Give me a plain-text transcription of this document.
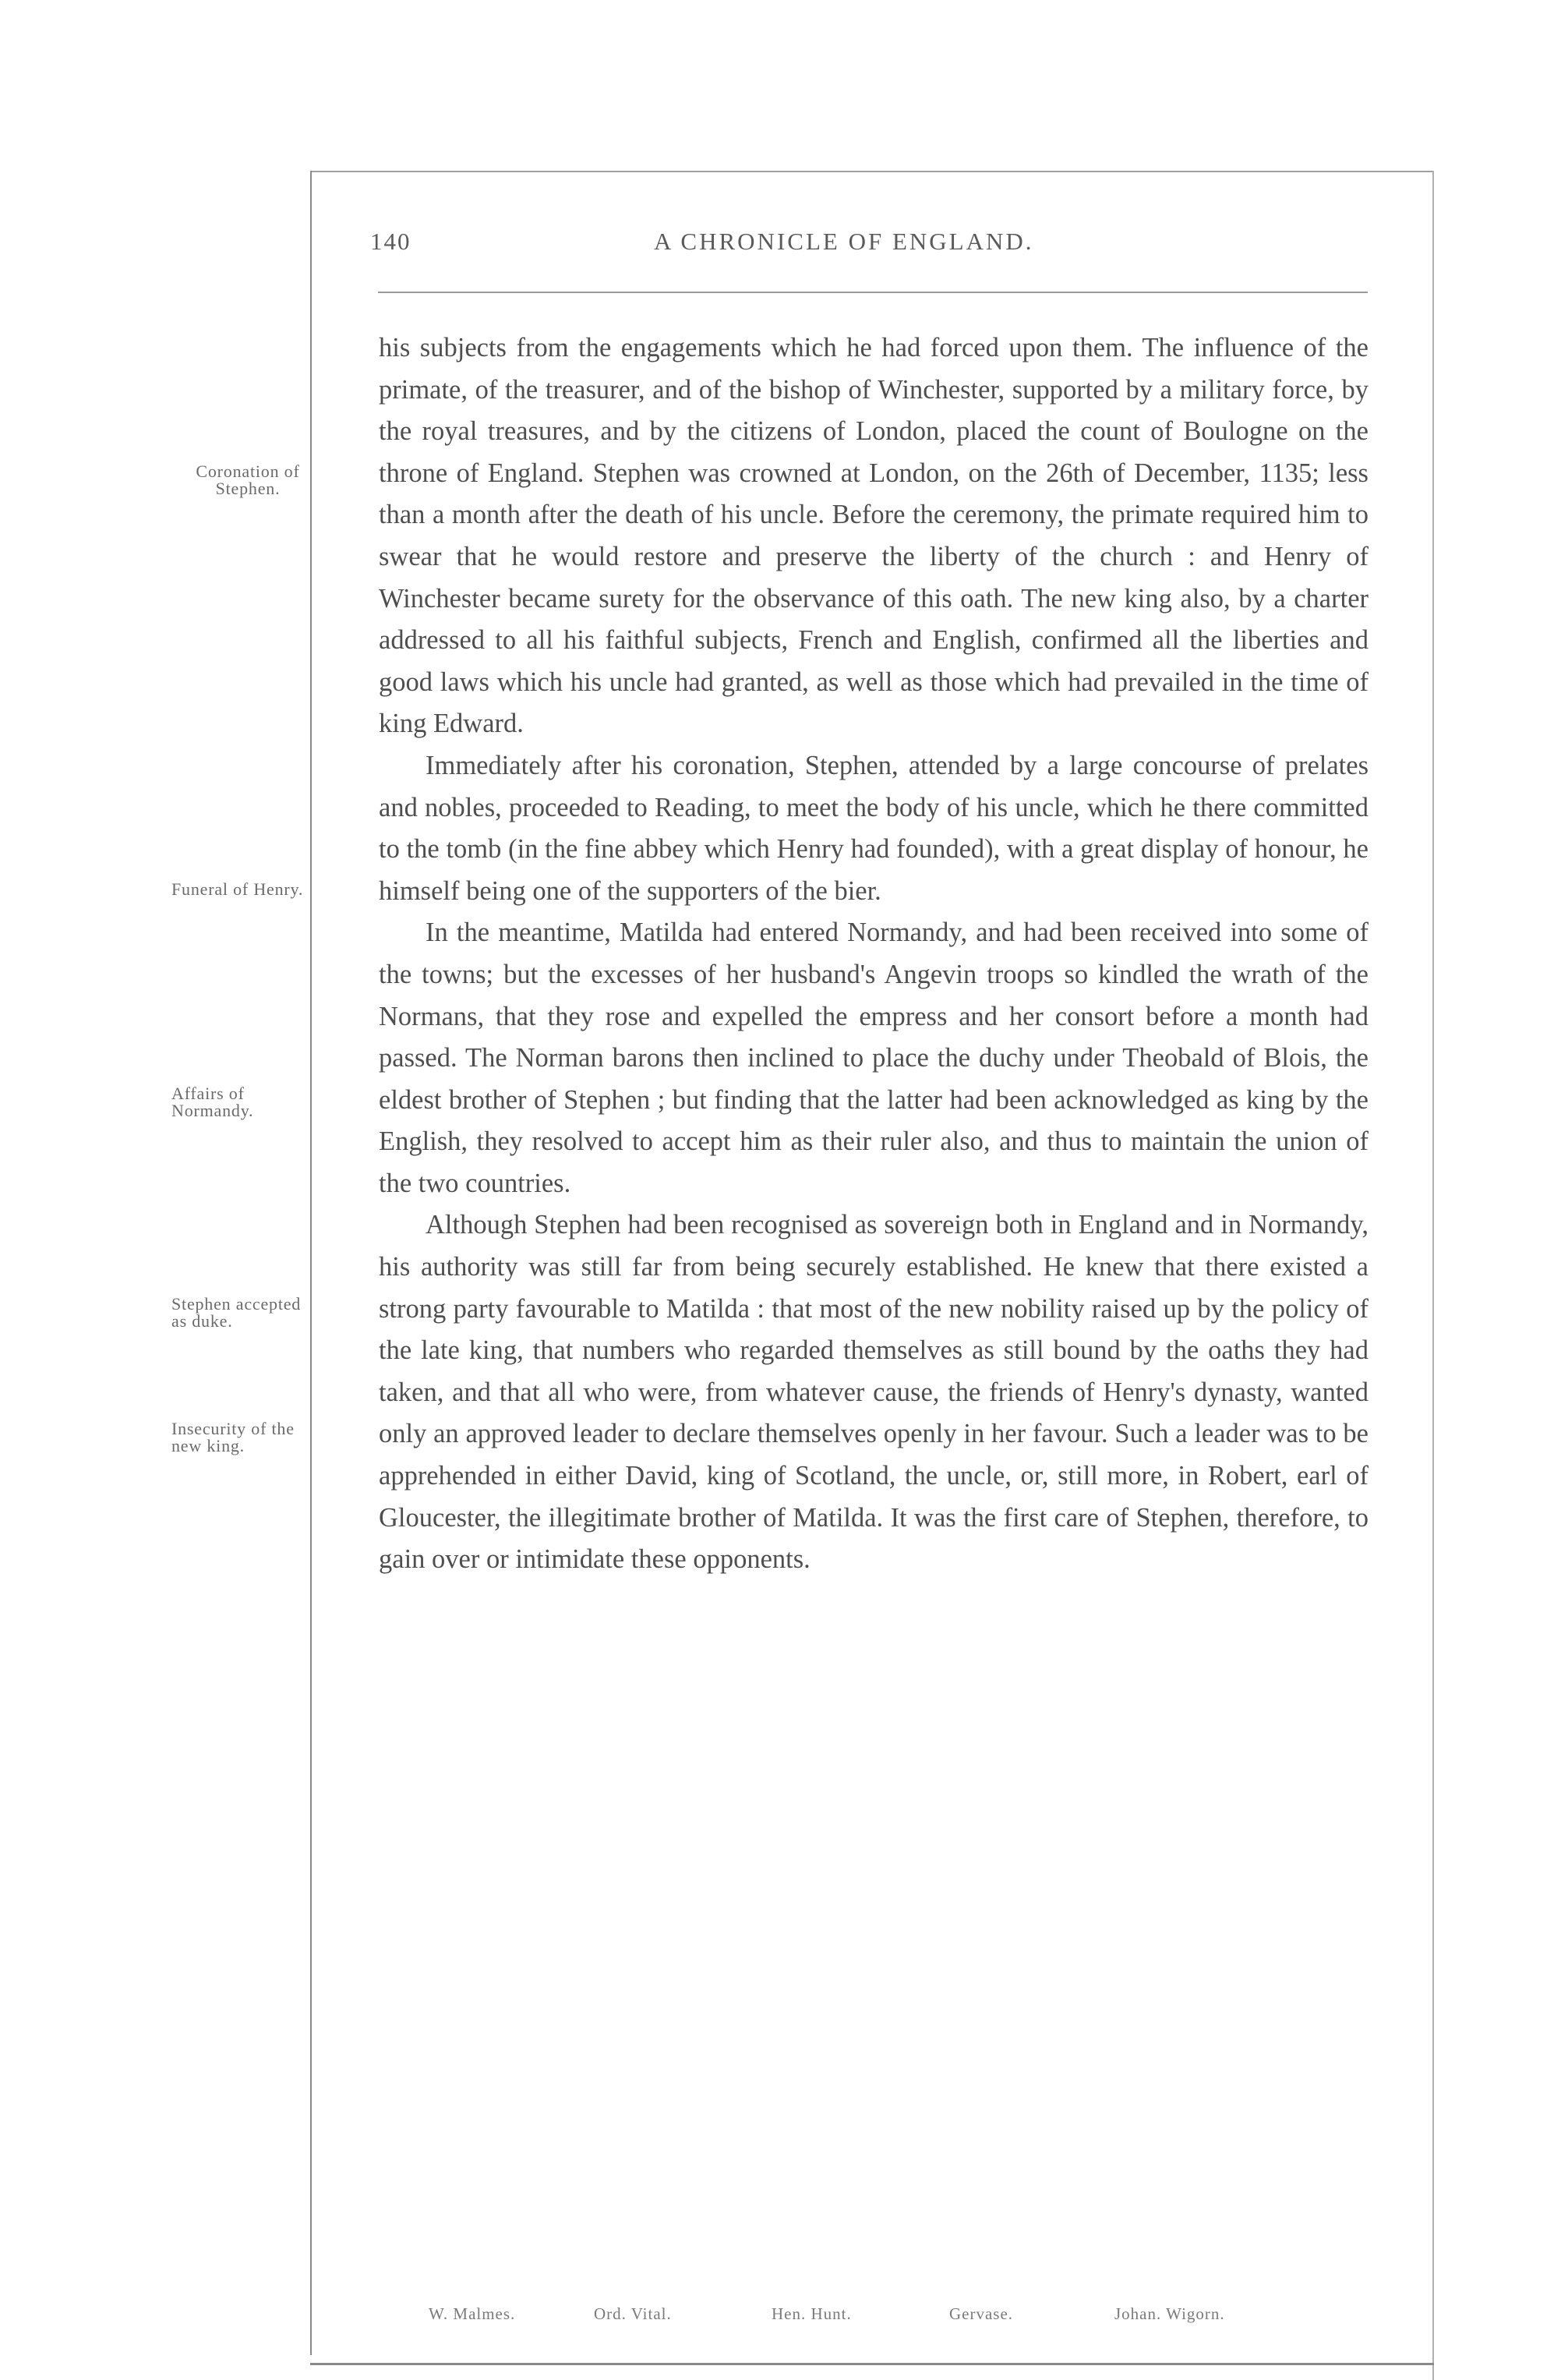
140	A CHRONICLE OF ENGLAND.
Coronation of Stephen.
Funeral of Henry.
Affairs of Normandy.
Stephen accepted as duke.
Insecurity of the new king.

his subjects from the engagements which he had forced upon them. The influence of the primate, of the treasurer, and of the bishop of Winchester, supported by a military force, by the royal treasures, and by the citizens of London, placed the count of Boulogne on the throne of England. Stephen was crowned at London, on the 26th of December, 1135; less than a month after the death of his uncle. Before the ceremony, the primate required him to swear that he would restore and preserve the liberty of the church : and Henry of Winchester became surety for the observance of this oath. The new king also, by a charter addressed to all his faithful subjects, French and English, confirmed all the liberties and good laws which his uncle had granted, as well as those which had prevailed in the time of king Edward.

Immediately after his coronation, Stephen, attended by a large concourse of prelates and nobles, proceeded to Reading, to meet the body of his uncle, which he there committed to the tomb (in the fine abbey which Henry had founded), with a great display of honour, he himself being one of the supporters of the bier.

In the meantime, Matilda had entered Normandy, and had been received into some of the towns; but the excesses of her husband's Angevin troops so kindled the wrath of the Normans, that they rose and expelled the empress and her consort before a month had passed. The Norman barons then inclined to place the duchy under Theobald of Blois, the eldest brother of Stephen ; but finding that the latter had been acknowledged as king by the English, they resolved to accept him as their ruler also, and thus to maintain the union of the two countries.

Although Stephen had been recognised as sovereign both in England and in Normandy, his authority was still far from being securely established. He knew that there existed a strong party favourable to Matilda : that most of the new nobility raised up by the policy of the late king, that numbers who regarded themselves as still bound by the oaths they had taken, and that all who were, from whatever cause, the friends of Henry's dynasty, wanted only an approved leader to declare themselves openly in her favour. Such a leader was to be apprehended in either David, king of Scotland, the uncle, or, still more, in Robert, earl of Gloucester, the illegitimate brother of Matilda. It was the first care of Stephen, therefore, to gain over or intimidate these opponents.

W. Malmes.	Ord. Vital.	Hen. Hunt.	Gervase.	Johan. Wigorn.
